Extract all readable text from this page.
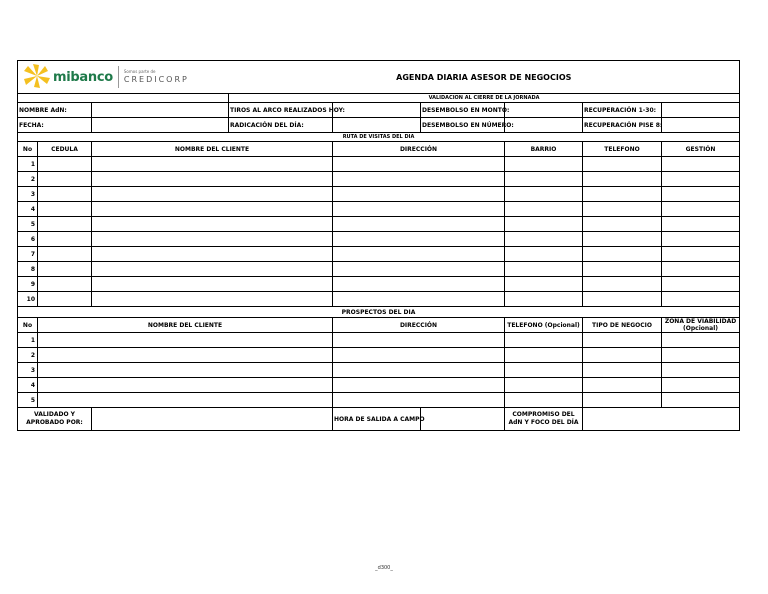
mibanco Somos parte de
CREDICORP			AGENDA DIARIA ASESOR DE NEGOCIOS					
			VALIDACION AL CIERRE DE LA JORNADA					
NOMBRE AdN:			TIROS AL ARCO REALIZADOS HOY:		DESEMBOLSO EN MONTO:		RECUPERACIÓN 1-30:	
FECHA:			RADICACIÓN DEL DÍA:		DESEMBOLSO EN NÚMERO:		RECUPERACIÓN PISE 8:	
RUTA DE VISITAS DEL DIA								
No	CEDULA	NOMBRE DEL CLIENTE		DIRECCIÓN		BARRIO	TELEFONO	GESTIÓN
1								
2								
3								
4								
5								
6								
7								
8								
9								
10								
PROSPECTOS DEL DIA								
No	NOMBRE DEL CLIENTE			DIRECCIÓN		TELEFONO (Opcional)	TIPO DE NEGOCIO	ZONA DE VIABILIDAD (Opcional)
1								
2								
3								
4								
5								
VALIDADO Y APROBADO POR:				HORA DE SALIDA A CAMPO		COMPROMISO DEL AdN Y FOCO DEL DÍA		
_d300_
